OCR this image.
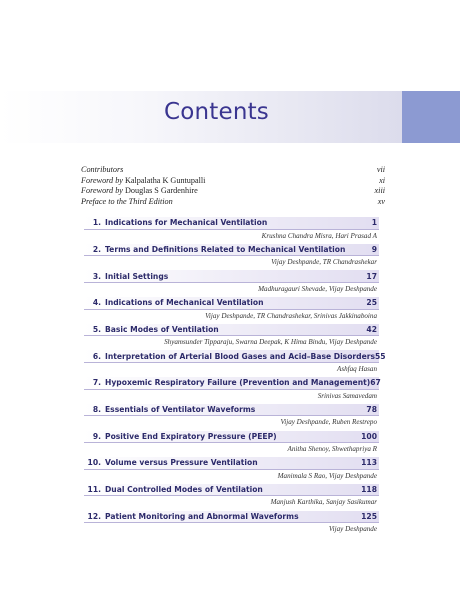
Contents
Contributors	vii
Foreword by Kalpalatha K Guntupalli	xi
Foreword by Douglas S Gardenhire	xiii
Preface to the Third Edition	xv
1. Indications for Mechanical Ventilation	1
Krushna Chandra Misra, Hari Prasad A
2. Terms and Definitions Related to Mechanical Ventilation	9
Vijay Deshpande, TR Chandrashekar
3. Initial Settings	17
Madhuragauri Shevade, Vijay Deshpande
4. Indications of Mechanical Ventilation	25
Vijay Deshpande, TR Chandrashekar, Srinivas Jakkinaboina
5. Basic Modes of Ventilation	42
Shyamsunder Tipparaju, Swarna Deepak, K Hima Bindu, Vijay Deshpande
6. Interpretation of Arterial Blood Gases and Acid–Base Disorders 55
Ashfaq Hasan
7. Hypoxemic Respiratory Failure (Prevention and Management) 67
Srinivas Samavedam
8. Essentials of Ventilator Waveforms	78
Vijay Deshpande, Ruben Restrepo
9. Positive End Expiratory Pressure (PEEP)	100
Anitha Shenoy, Shwethapriya R
10. Volume versus Pressure Ventilation	113
Manimala S Rao, Vijay Deshpande
11. Dual Controlled Modes of Ventilation	118
Manjush Karthika, Sanjay Sasikumar
12. Patient Monitoring and Abnormal Waveforms	125
Vijay Deshpande
